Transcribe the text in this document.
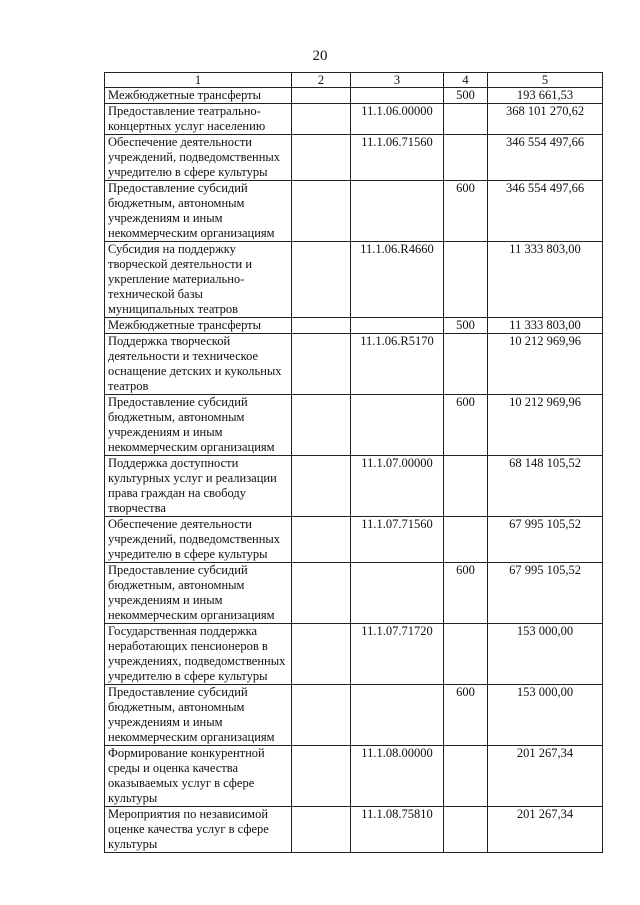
20
1	2	3	4	5
Межбюджетные трансферты			500	193 661,53
Предоставление театрально-концертных услуг населению		11.1.06.00000		368 101 270,62
Обеспечение деятельности учреждений, подведомственных учредителю в сфере культуры		11.1.06.71560		346 554 497,66
Предоставление субсидий бюджетным, автономным учреждениям и иным некоммерческим организациям			600	346 554 497,66
Субсидия на поддержку творческой деятельности и укрепление материально-технической базы муниципальных театров		11.1.06.R4660		11 333 803,00
Межбюджетные трансферты			500	11 333 803,00
Поддержка творческой деятельности и техническое оснащение детских и кукольных театров		11.1.06.R5170		10 212 969,96
Предоставление субсидий бюджетным, автономным учреждениям и иным некоммерческим организациям			600	10 212 969,96
Поддержка доступности культурных услуг и реализации права граждан на свободу творчества		11.1.07.00000		68 148 105,52
Обеспечение деятельности учреждений, подведомственных учредителю в сфере культуры		11.1.07.71560		67 995 105,52
Предоставление субсидий бюджетным, автономным учреждениям и иным некоммерческим организациям			600	67 995 105,52
Государственная поддержка неработающих пенсионеров в учреждениях, подведомственных учредителю в сфере культуры		11.1.07.71720		153 000,00
Предоставление субсидий бюджетным, автономным учреждениям и иным некоммерческим организациям			600	153 000,00
Формирование конкурентной среды и оценка качества оказываемых услуг в сфере культуры		11.1.08.00000		201 267,34
Мероприятия по независимой оценке качества услуг в сфере культуры		11.1.08.75810		201 267,34
